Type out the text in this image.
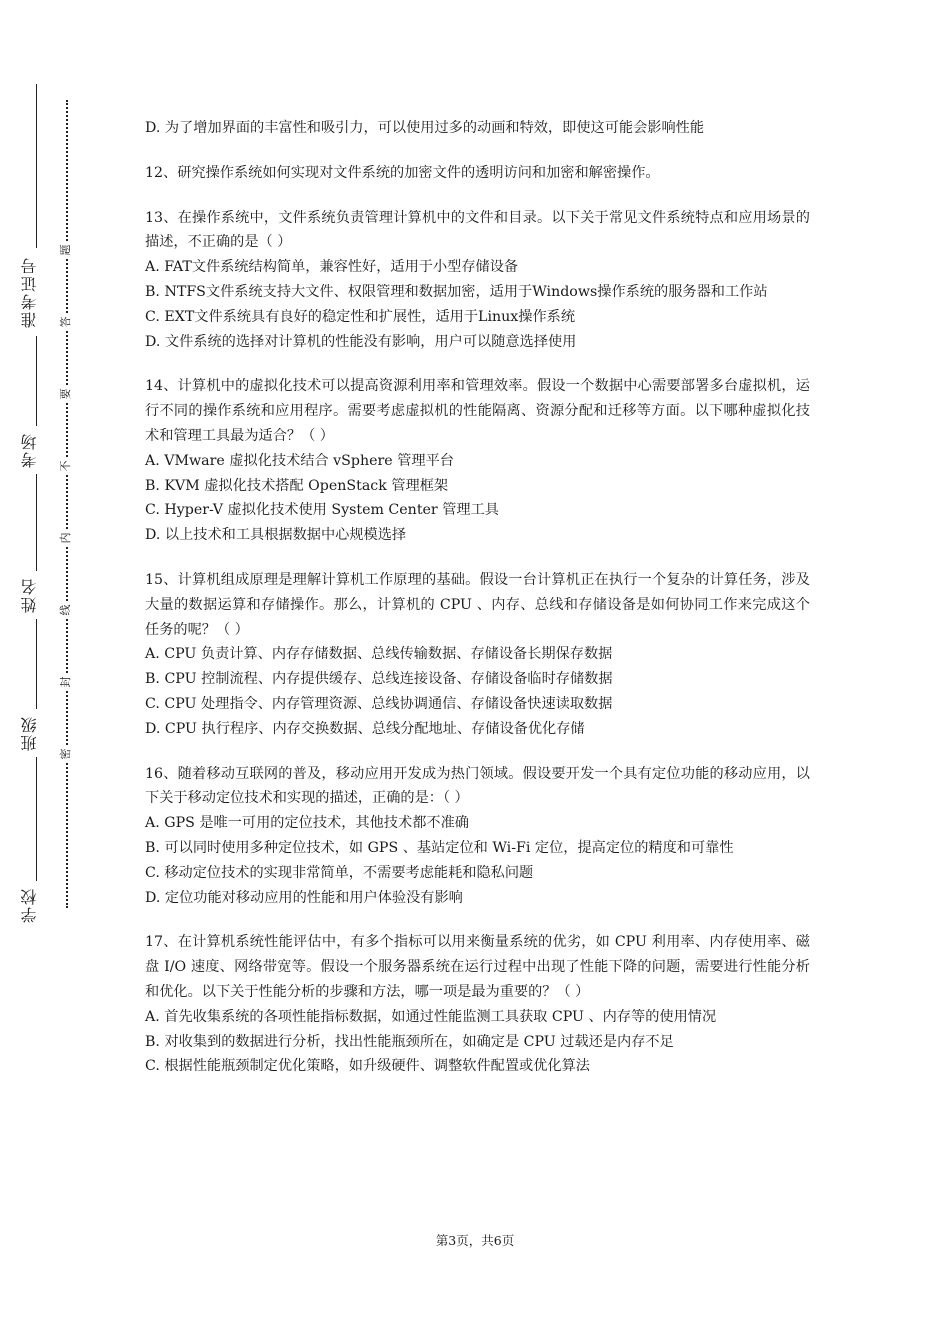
准考证号
考场
姓名
班级
学校
题
答
要
不
内
线
封
密
D. 为了增加界面的丰富性和吸引力，可以使用过多的动画和特效，即使这可能会影响性能
12、研究操作系统如何实现对文件系统的加密文件的透明访问和加密和解密操作。
13、在操作系统中，文件系统负责管理计算机中的文件和目录。以下关于常见文件系统特点和应用场景的描述，不正确的是（ ）
A. FAT文件系统结构简单，兼容性好，适用于小型存储设备
B. NTFS文件系统支持大文件、权限管理和数据加密，适用于Windows操作系统的服务器和工作站
C. EXT文件系统具有良好的稳定性和扩展性，适用于Linux操作系统
D. 文件系统的选择对计算机的性能没有影响，用户可以随意选择使用
14、计算机中的虚拟化技术可以提高资源利用率和管理效率。假设一个数据中心需要部署多台虚拟机，运行不同的操作系统和应用程序。需要考虑虚拟机的性能隔离、资源分配和迁移等方面。以下哪种虚拟化技术和管理工具最为适合？（ ）
A. VMware 虚拟化技术结合 vSphere 管理平台
B. KVM 虚拟化技术搭配 OpenStack 管理框架
C. Hyper-V 虚拟化技术使用 System Center 管理工具
D. 以上技术和工具根据数据中心规模选择
15、计算机组成原理是理解计算机工作原理的基础。假设一台计算机正在执行一个复杂的计算任务，涉及大量的数据运算和存储操作。那么，计算机的 CPU 、内存、总线和存储设备是如何协同工作来完成这个任务的呢？（ ）
A. CPU 负责计算、内存存储数据、总线传输数据、存储设备长期保存数据
B. CPU 控制流程、内存提供缓存、总线连接设备、存储设备临时存储数据
C. CPU 处理指令、内存管理资源、总线协调通信、存储设备快速读取数据
D. CPU 执行程序、内存交换数据、总线分配地址、存储设备优化存储
16、随着移动互联网的普及，移动应用开发成为热门领域。假设要开发一个具有定位功能的移动应用，以下关于移动定位技术和实现的描述，正确的是：（ ）
A. GPS 是唯一可用的定位技术，其他技术都不准确
B. 可以同时使用多种定位技术，如 GPS 、基站定位和 Wi-Fi 定位，提高定位的精度和可靠性
C. 移动定位技术的实现非常简单，不需要考虑能耗和隐私问题
D. 定位功能对移动应用的性能和用户体验没有影响
17、在计算机系统性能评估中，有多个指标可以用来衡量系统的优劣，如 CPU 利用率、内存使用率、磁盘 I/O 速度、网络带宽等。假设一个服务器系统在运行过程中出现了性能下降的问题，需要进行性能分析和优化。以下关于性能分析的步骤和方法，哪一项是最为重要的？（ ）
A. 首先收集系统的各项性能指标数据，如通过性能监测工具获取 CPU 、内存等的使用情况
B. 对收集到的数据进行分析，找出性能瓶颈所在，如确定是 CPU 过载还是内存不足
C. 根据性能瓶颈制定优化策略，如升级硬件、调整软件配置或优化算法
第3页，共6页
